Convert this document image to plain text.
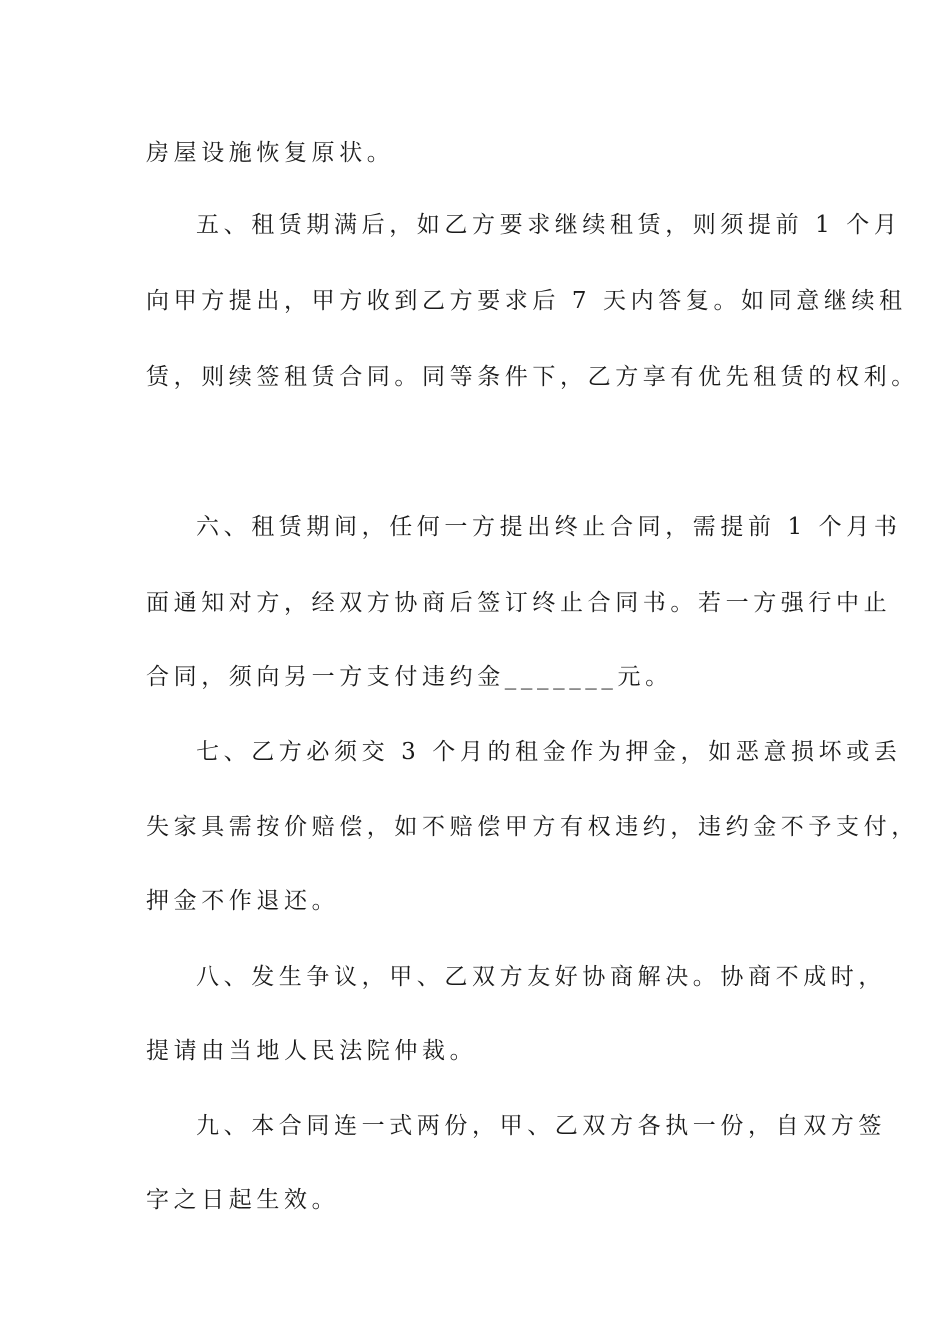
房屋设施恢复原状。
五、租赁期满后，如乙方要求继续租赁，则须提前 1 个月
向甲方提出，甲方收到乙方要求后 7 天内答复。如同意继续租
赁，则续签租赁合同。同等条件下，乙方享有优先租赁的权利。
六、租赁期间，任何一方提出终止合同，需提前 1 个月书
面通知对方，经双方协商后签订终止合同书。若一方强行中止
合同，须向另一方支付违约金_______元。
七、乙方必须交 3 个月的租金作为押金，如恶意损坏或丢
失家具需按价赔偿，如不赔偿甲方有权违约，违约金不予支付，
押金不作退还。
八、发生争议，甲、乙双方友好协商解决。协商不成时，
提请由当地人民法院仲裁。
九、本合同连一式两份，甲、乙双方各执一份，自双方签
字之日起生效。
